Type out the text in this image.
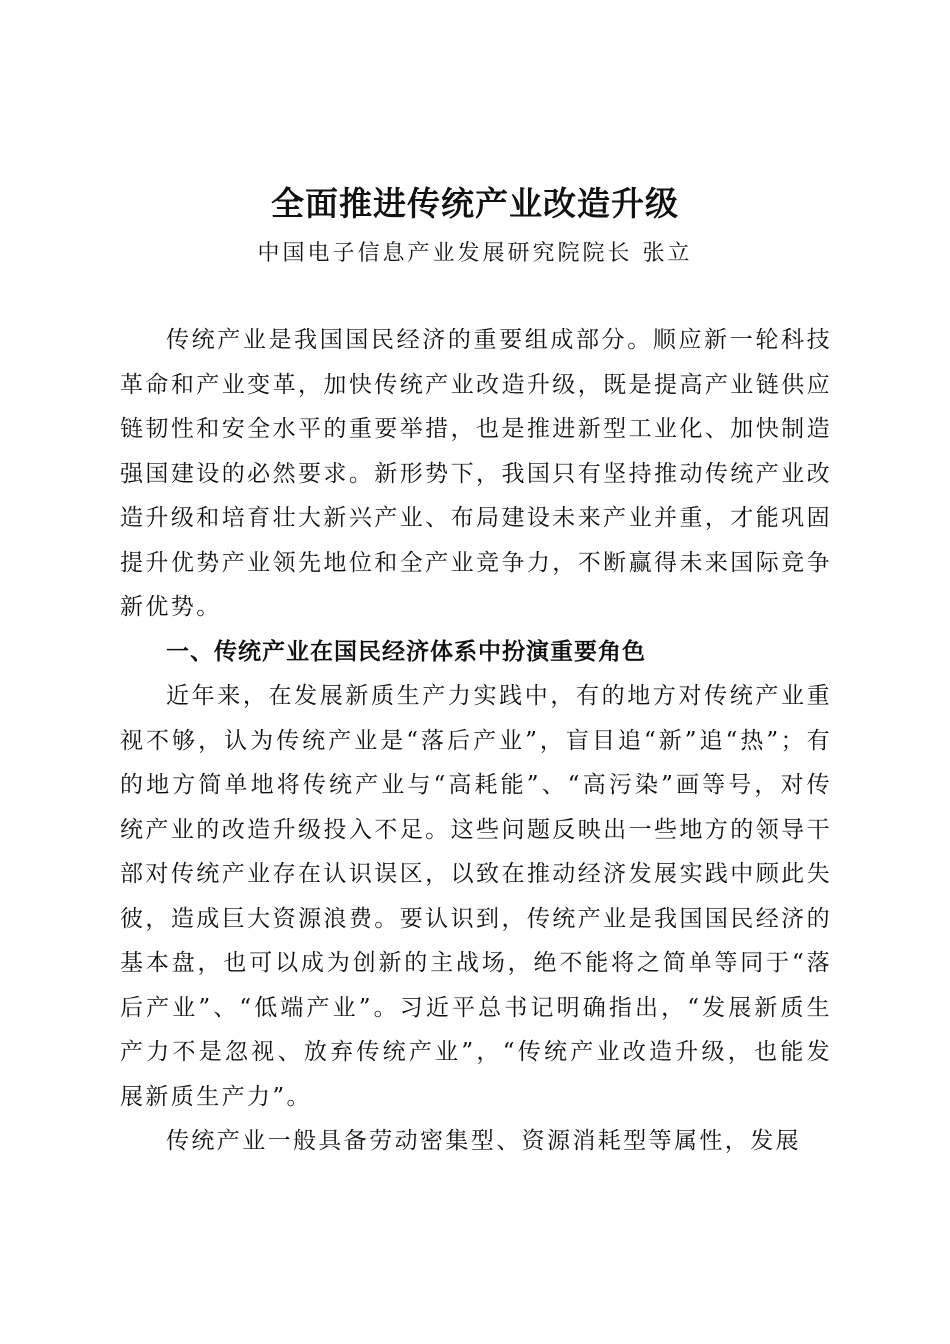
全面推进传统产业改造升级
中国电子信息产业发展研究院院长 张立

传统产业是我国国民经济的重要组成部分。顺应新一轮科技革命和产业变革，加快传统产业改造升级，既是提高产业链供应链韧性和安全水平的重要举措，也是推进新型工业化、加快制造强国建设的必然要求。新形势下，我国只有坚持推动传统产业改造升级和培育壮大新兴产业、布局建设未来产业并重，才能巩固提升优势产业领先地位和全产业竞争力，不断赢得未来国际竞争新优势。

一、传统产业在国民经济体系中扮演重要角色

近年来，在发展新质生产力实践中，有的地方对传统产业重视不够，认为传统产业是“落后产业”，盲目追“新”追“热”；有的地方简单地将传统产业与“高耗能”、“高污染”画等号，对传统产业的改造升级投入不足。这些问题反映出一些地方的领导干部对传统产业存在认识误区，以致在推动经济发展实践中顾此失彼，造成巨大资源浪费。要认识到，传统产业是我国国民经济的基本盘，也可以成为创新的主战场，绝不能将之简单等同于“落后产业”、“低端产业”。习近平总书记明确指出，“发展新质生产力不是忽视、放弃传统产业”，“传统产业改造升级，也能发展新质生产力”。

传统产业一般具备劳动密集型、资源消耗型等属性，发展
